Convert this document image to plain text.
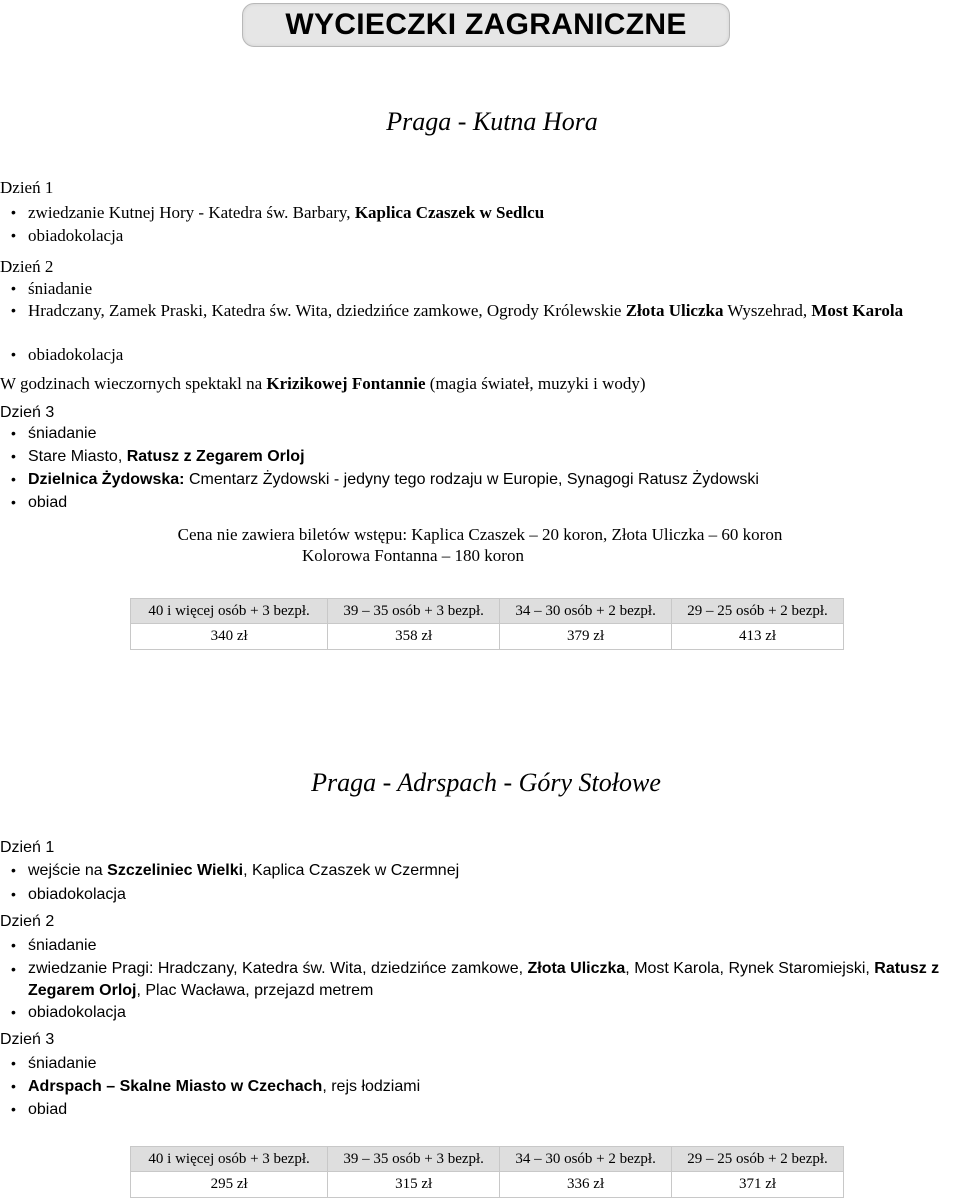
WYCIECZKI ZAGRANICZNE
Praga - Kutna Hora
Dzień 1
• zwiedzanie Kutnej Hory - Katedra św. Barbary, Kaplica Czaszek w Sedlcu
• obiadokolacja
Dzień 2
• śniadanie
• Hradczany, Zamek Praski, Katedra św. Wita, dziedzińce zamkowe, Ogrody Królewskie Złota Uliczka Wyszehrad, Most Karola
• obiadokolacja
W godzinach wieczornych spektakl na Krizikowej Fontannie (magia świateł, muzyki i wody)
Dzień 3
• śniadanie
• Stare Miasto, Ratusz z Zegarem Orloj
• Dzielnica Żydowska: Cmentarz Żydowski - jedyny tego rodzaju w Europie, Synagogi Ratusz Żydowski
• obiad
Cena nie zawiera biletów wstępu: Kaplica Czaszek – 20 koron, Złota Uliczka – 60 koron
Kolorowa Fontanna – 180 koron
40 i więcej osób + 3 bezpł.	39 – 35 osób + 3 bezpł.	34 – 30 osób + 2 bezpł.	29 – 25 osób + 2 bezpł.
340 zł	358 zł	379 zł	413 zł
Praga - Adrspach - Góry Stołowe
Dzień 1
• wejście na Szczeliniec Wielki, Kaplica Czaszek w Czermnej
• obiadokolacja
Dzień 2
• śniadanie
• zwiedzanie Pragi: Hradczany, Katedra św. Wita, dziedzińce zamkowe, Złota Uliczka, Most Karola, Rynek Staromiejski, Ratusz z Zegarem Orloj, Plac Wacława, przejazd metrem
• obiadokolacja
Dzień 3
• śniadanie
• Adrspach – Skalne Miasto w Czechach, rejs łodziami
• obiad
40 i więcej osób + 3 bezpł.	39 – 35 osób + 3 bezpł.	34 – 30 osób + 2 bezpł.	29 – 25 osób + 2 bezpł.
295 zł	315 zł	336 zł	371 zł
